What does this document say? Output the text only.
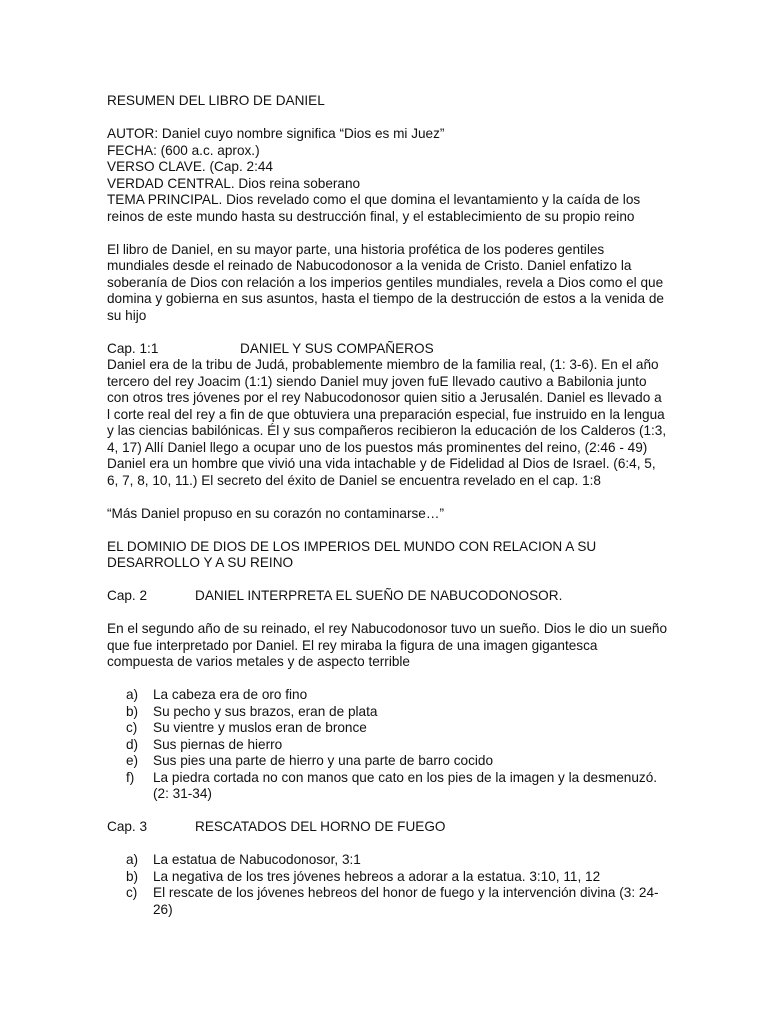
RESUMEN DEL LIBRO DE DANIEL

AUTOR: Daniel cuyo nombre significa “Dios es mi Juez”

FECHA: (600 a.c. aprox.)

VERSO CLAVE. (Cap. 2:44

VERDAD CENTRAL. Dios reina soberano

TEMA PRINCIPAL. Dios revelado como el que domina el levantamiento y la caída de los reinos de este mundo hasta su destrucción final, y el establecimiento de su propio reino

El libro de Daniel, en su mayor parte, una historia profética de los poderes gentiles mundiales desde el reinado de Nabucodonosor a la venida de Cristo. Daniel enfatizo la soberanía de Dios con relación a los imperios gentiles mundiales, revela a Dios como el que domina y gobierna en sus asuntos, hasta el tiempo de la destrucción de estos a la venida de su hijo

Cap. 1:1	DANIEL Y SUS COMPAÑEROS

Daniel era de la tribu de Judá, probablemente miembro de la familia real, (1: 3-6). En el año tercero del rey Joacim (1:1) siendo Daniel muy joven fuE llevado cautivo a Babilonia junto con otros tres jóvenes por el rey Nabucodonosor quien sitio a Jerusalén. Daniel es llevado a l corte real del rey a fin de que obtuviera una preparación especial, fue instruido en la lengua y las ciencias babilónicas. Él y sus compañeros recibieron la educación de los Calderos (1:3, 4, 17) Allí Daniel llego a ocupar uno de los puestos más prominentes del reino, (2:46 - 49) Daniel era un hombre que vivió una vida intachable y de Fidelidad al Dios de Israel. (6:4, 5, 6, 7, 8, 10, 11.) El secreto del éxito de Daniel se encuentra revelado en el cap. 1:8

“Más Daniel propuso en su corazón no contaminarse…”

EL DOMINIO DE DIOS DE LOS IMPERIOS DEL MUNDO CON RELACION A SU DESARROLLO Y A SU REINO

Cap. 2	DANIEL INTERPRETA EL SUEÑO DE NABUCODONOSOR.

En el segundo año de su reinado, el rey Nabucodonosor tuvo un sueño. Dios le dio un sueño que fue interpretado por Daniel. El rey miraba la figura de una imagen gigantesca compuesta de varios metales y de aspecto terrible

a)	La cabeza era de oro fino
b)	Su pecho y sus brazos, eran de plata
c)	Su vientre y muslos eran de bronce
d)	Sus piernas de hierro
e)	Sus pies una parte de hierro y una parte de barro cocido
f)	La piedra cortada no con manos que cato en los pies de la imagen y la desmenuzó. (2: 31-34)
Cap. 3	RESCATADOS DEL HORNO DE FUEGO
a)	La estatua de Nabucodonosor, 3:1
b)	La negativa de los tres jóvenes hebreos a adorar a la estatua. 3:10, 11, 12
c)	El rescate de los jóvenes hebreos del honor de fuego y la intervención divina (3: 24-26)
